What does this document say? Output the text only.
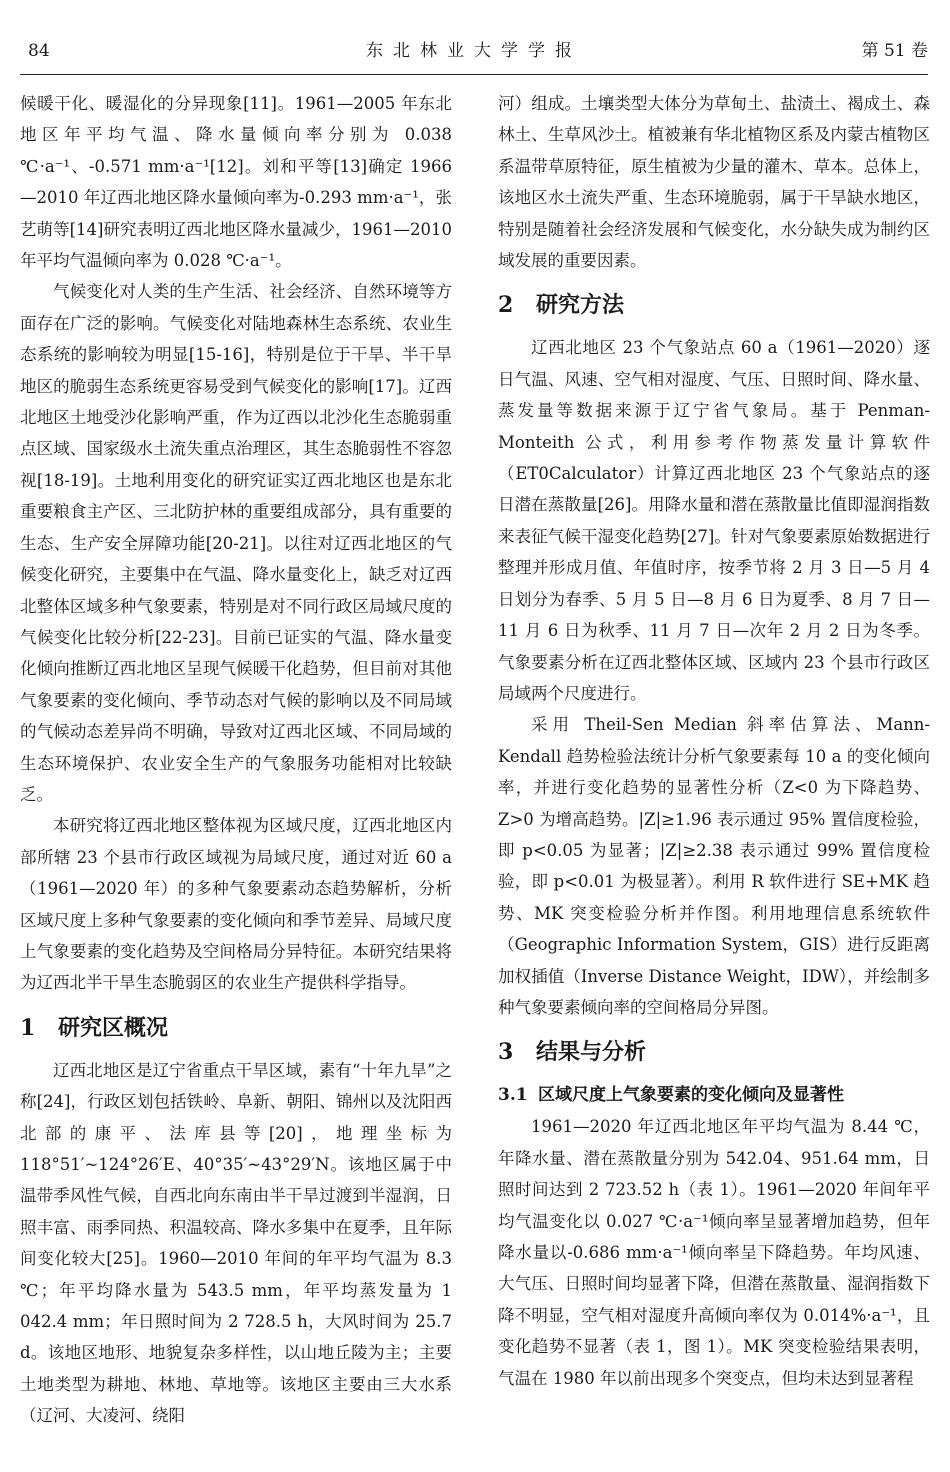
84	东北林业大学学报	第 51 卷

候暖干化、暖湿化的分异现象[11]。1961—2005 年东北地区年平均气温、降水量倾向率分别为 0.038 ℃·a⁻¹、-0.571 mm·a⁻¹[12]。刘和平等[13]确定 1966—2010 年辽西北地区降水量倾向率为-0.293 mm·a⁻¹，张艺萌等[14]研究表明辽西北地区降水量减少，1961—2010 年平均气温倾向率为 0.028 ℃·a⁻¹。

气候变化对人类的生产生活、社会经济、自然环境等方面存在广泛的影响。气候变化对陆地森林生态系统、农业生态系统的影响较为明显[15-16]，特别是位于干旱、半干旱地区的脆弱生态系统更容易受到气候变化的影响[17]。辽西北地区土地受沙化影响严重，作为辽西以北沙化生态脆弱重点区域、国家级水土流失重点治理区，其生态脆弱性不容忽视[18-19]。土地利用变化的研究证实辽西北地区也是东北重要粮食主产区、三北防护林的重要组成部分，具有重要的生态、生产安全屏障功能[20-21]。以往对辽西北地区的气候变化研究，主要集中在气温、降水量变化上，缺乏对辽西北整体区域多种气象要素，特别是对不同行政区局域尺度的气候变化比较分析[22-23]。目前已证实的气温、降水量变化倾向推断辽西北地区呈现气候暖干化趋势，但目前对其他气象要素的变化倾向、季节动态对气候的影响以及不同局域的气候动态差异尚不明确，导致对辽西北区域、不同局域的生态环境保护、农业安全生产的气象服务功能相对比较缺乏。

本研究将辽西北地区整体视为区域尺度，辽西北地区内部所辖 23 个县市行政区域视为局域尺度，通过对近 60 a（1961—2020 年）的多种气象要素动态趋势解析，分析区域尺度上多种气象要素的变化倾向和季节差异、局域尺度上气象要素的变化趋势及空间格局分异特征。本研究结果将为辽西北半干旱生态脆弱区的农业生产提供科学指导。

1 研究区概况

辽西北地区是辽宁省重点干旱区域，素有“十年九旱”之称[24]，行政区划包括铁岭、阜新、朝阳、锦州以及沈阳西北部的康平、法库县等[20]，地理坐标为 118°51′~124°26′E、40°35′~43°29′N。该地区属于中温带季风性气候，自西北向东南由半干旱过渡到半湿润，日照丰富、雨季同热、积温较高、降水多集中在夏季，且年际间变化较大[25]。1960—2010 年间的年平均气温为 8.3 ℃；年平均降水量为 543.5 mm，年平均蒸发量为 1 042.4 mm；年日照时间为 2 728.5 h，大风时间为 25.7 d。该地区地形、地貌复杂多样性，以山地丘陵为主；主要土地类型为耕地、林地、草地等。该地区主要由三大水系（辽河、大凌河、绕阳

河）组成。土壤类型大体分为草甸土、盐渍土、褐成土、森林土、生草风沙土。植被兼有华北植物区系及内蒙古植物区系温带草原特征，原生植被为少量的灌木、草本。总体上，该地区水土流失严重、生态环境脆弱，属于干旱缺水地区，特别是随着社会经济发展和气候变化，水分缺失成为制约区域发展的重要因素。

2 研究方法

辽西北地区 23 个气象站点 60 a（1961—2020）逐日气温、风速、空气相对湿度、气压、日照时间、降水量、蒸发量等数据来源于辽宁省气象局。基于 Penman-Monteith 公式，利用参考作物蒸发量计算软件（ET0Calculator）计算辽西北地区 23 个气象站点的逐日潜在蒸散量[26]。用降水量和潜在蒸散量比值即湿润指数来表征气候干湿变化趋势[27]。针对气象要素原始数据进行整理并形成月值、年值时序，按季节将 2 月 3 日—5 月 4 日划分为春季、5 月 5 日—8 月 6 日为夏季、8 月 7 日—11 月 6 日为秋季、11 月 7 日—次年 2 月 2 日为冬季。气象要素分析在辽西北整体区域、区域内 23 个县市行政区局域两个尺度进行。

采用 Theil-Sen Median 斜率估算法、Mann-Kendall 趋势检验法统计分析气象要素每 10 a 的变化倾向率，并进行变化趋势的显著性分析（Z<0 为下降趋势、Z>0 为增高趋势。|Z|≥1.96 表示通过 95% 置信度检验，即 p<0.05 为显著；|Z|≥2.38 表示通过 99% 置信度检验，即 p<0.01 为极显著）。利用 R 软件进行 SE+MK 趋势、MK 突变检验分析并作图。利用地理信息系统软件（Geographic Information System，GIS）进行反距离加权插值（Inverse Distance Weight，IDW），并绘制多种气象要素倾向率的空间格局分异图。

3 结果与分析
3.1 区域尺度上气象要素的变化倾向及显著性

1961—2020 年辽西北地区年平均气温为 8.44 ℃，年降水量、潜在蒸散量分别为 542.04、951.64 mm，日照时间达到 2 723.52 h（表 1）。1961—2020 年间年平均气温变化以 0.027 ℃·a⁻¹倾向率呈显著增加趋势，但年降水量以-0.686 mm·a⁻¹倾向率呈下降趋势。年均风速、大气压、日照时间均显著下降，但潜在蒸散量、湿润指数下降不明显，空气相对湿度升高倾向率仅为 0.014%·a⁻¹，且变化趋势不显著（表 1，图 1）。MK 突变检验结果表明，气温在 1980 年以前出现多个突变点，但均未达到显著程
